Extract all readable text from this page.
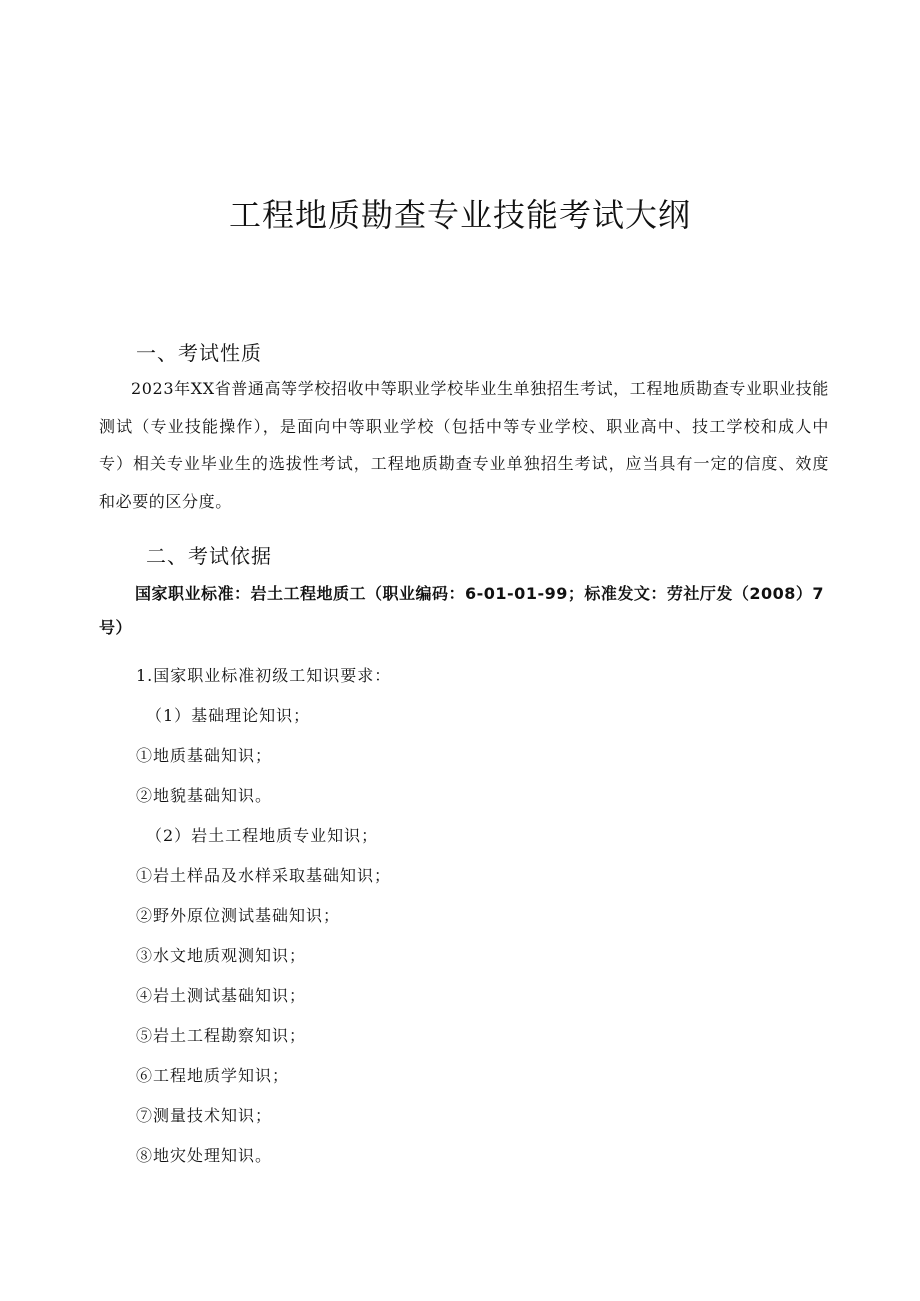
工程地质勘查专业技能考试大纲
一、考试性质

2023年XX省普通高等学校招收中等职业学校毕业生单独招生考试，工程地质勘查专业职业技能测试（专业技能操作），是面向中等职业学校（包括中等专业学校、职业高中、技工学校和成人中专）相关专业毕业生的选拔性考试，工程地质勘查专业单独招生考试，应当具有一定的信度、效度和必要的区分度。

二、考试依据

国家职业标准：岩土工程地质工（职业编码：6-01-01-99；标准发文：劳社厅发（2008）7号）

1.国家职业标准初级工知识要求：

（1）基础理论知识；

①地质基础知识；

②地貌基础知识。

（2）岩土工程地质专业知识；

①岩土样品及水样采取基础知识；

②野外原位测试基础知识；

③水文地质观测知识；

④岩土测试基础知识；

⑤岩土工程勘察知识；

⑥工程地质学知识；

⑦测量技术知识；

⑧地灾处理知识。
